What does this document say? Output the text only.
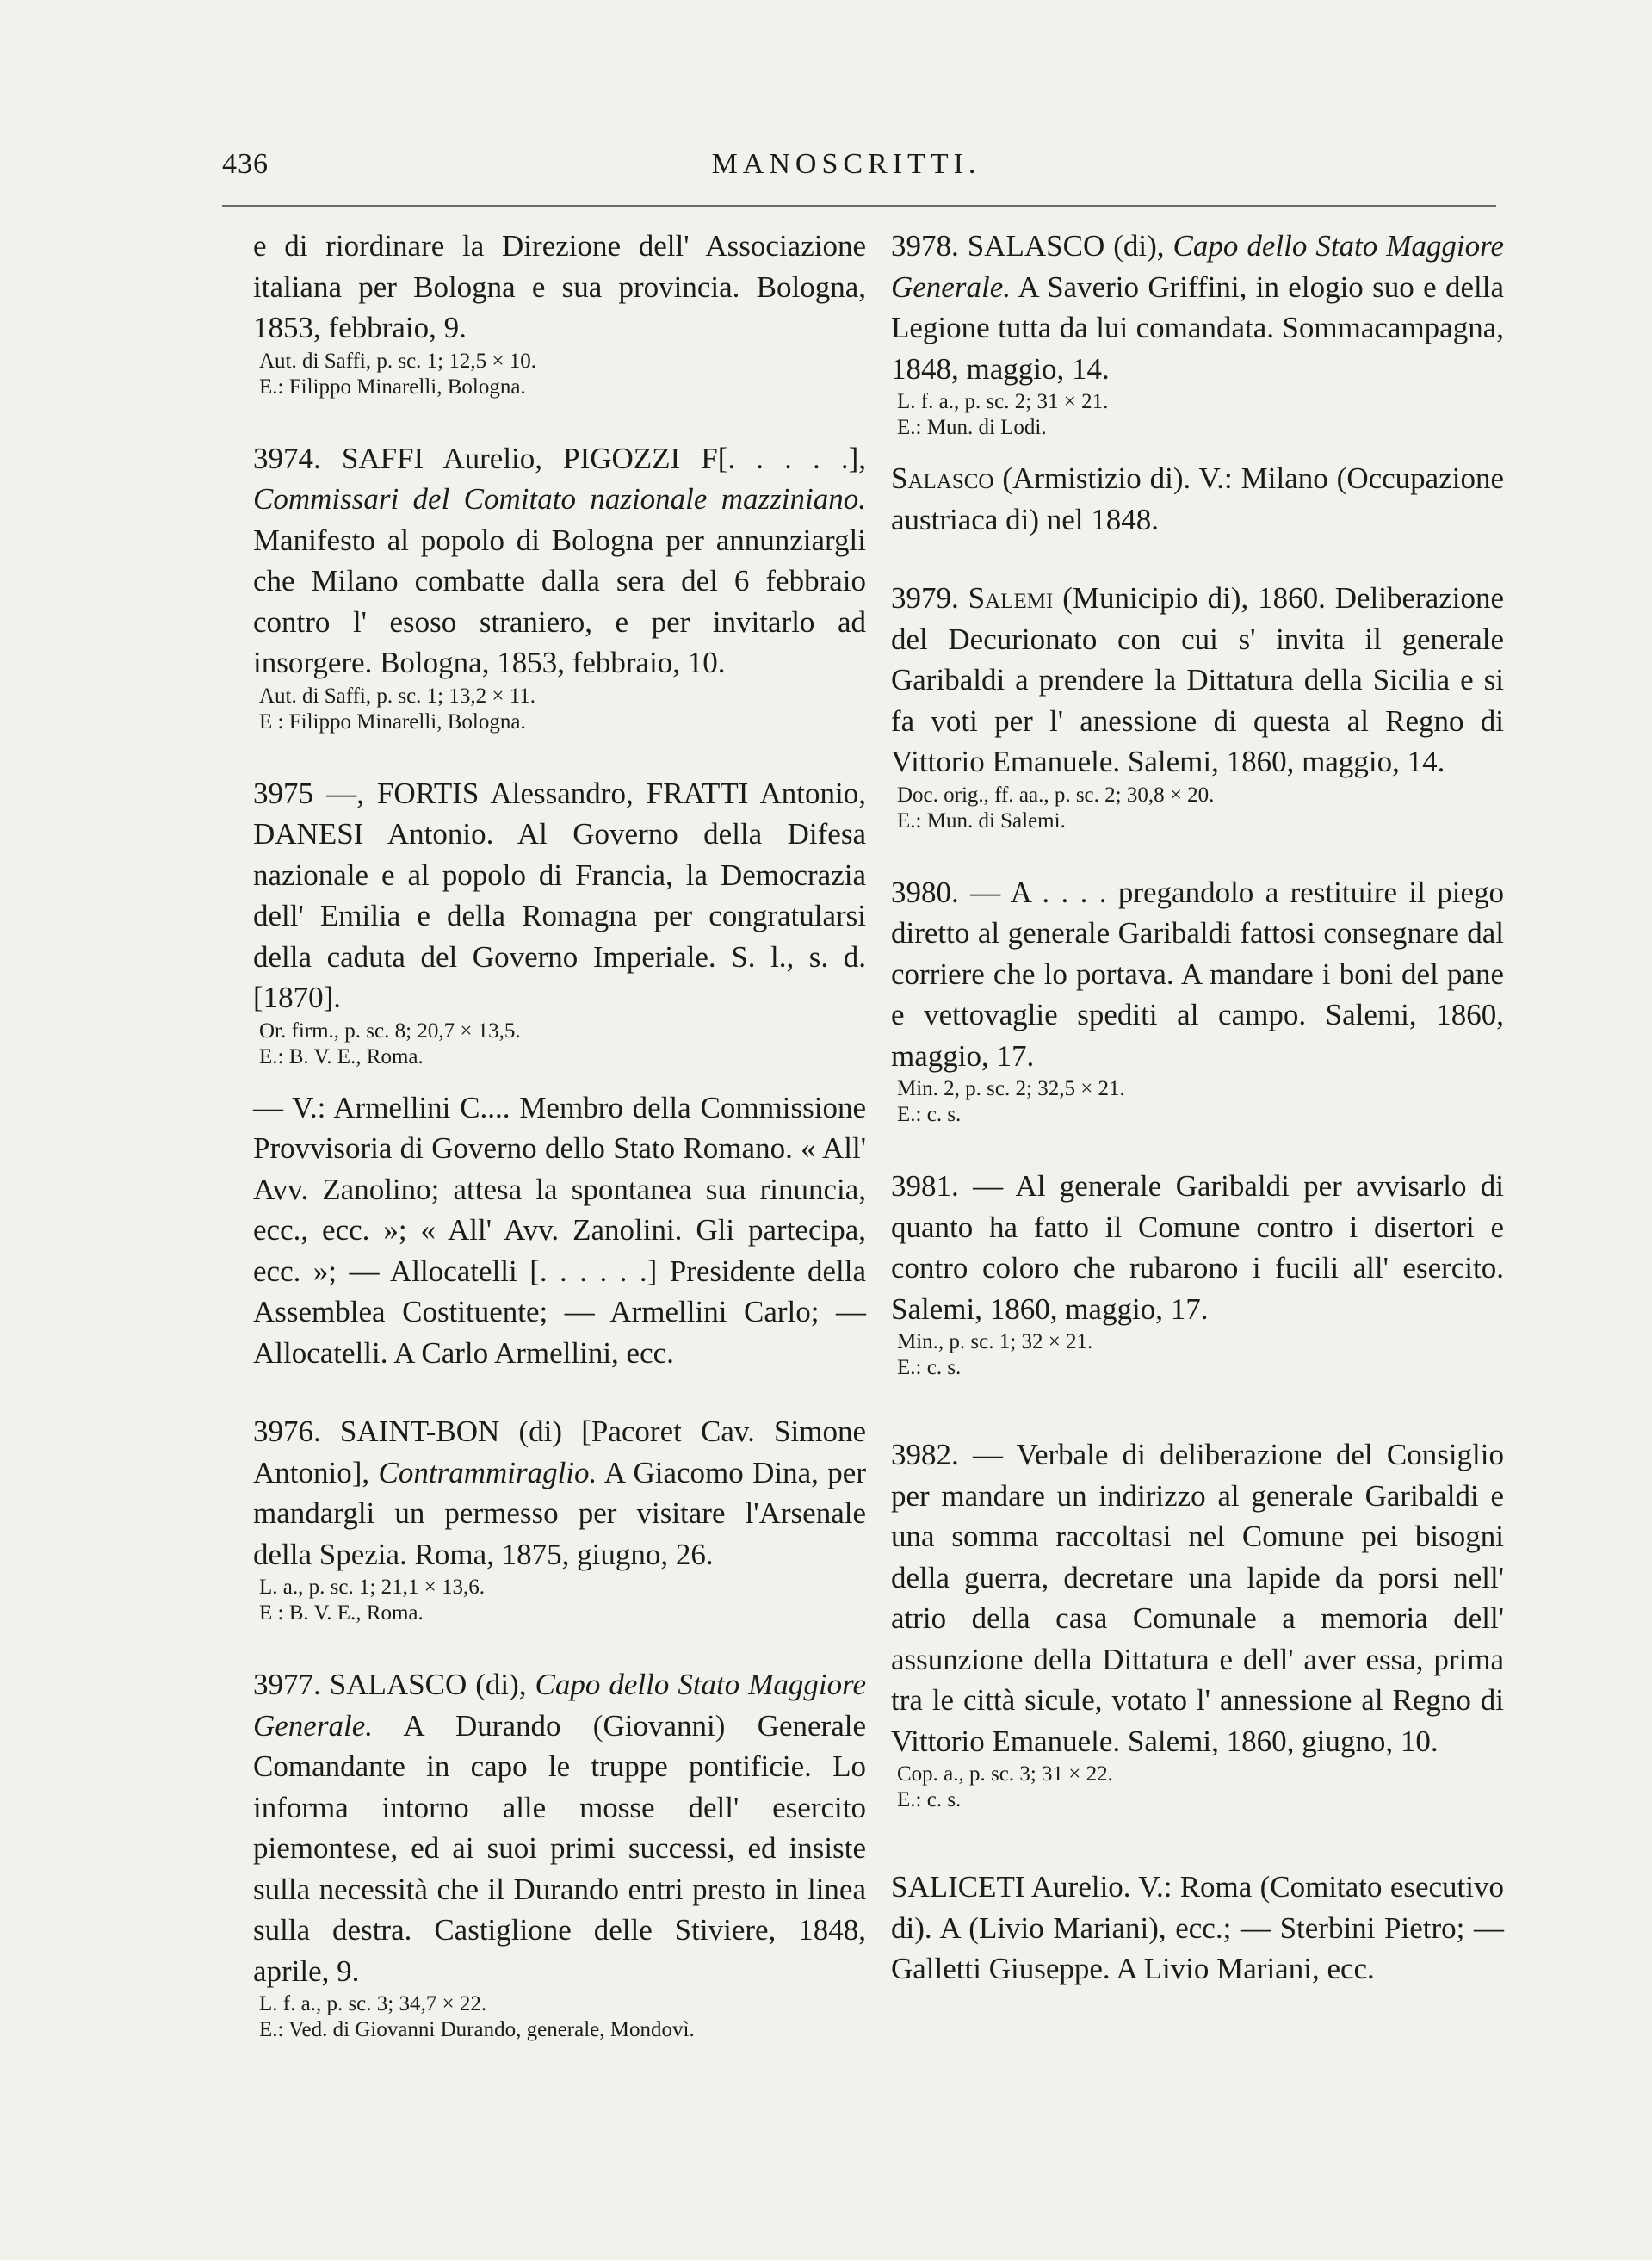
436	MANOSCRITTI.
e di riordinare la Direzione dell' Associazione italiana per Bologna e sua provincia. Bologna, 1853, febbraio, 9.
Aut. di Saffi, p. sc. 1; 12,5 × 10.
E.: Filippo Minarelli, Bologna.
3974. SAFFI Aurelio, PIGOZZI F[. . . . .], Commissari del Comitato nazionale mazziniano. Manifesto al popolo di Bologna per annunziargli che Milano combatte dalla sera del 6 febbraio contro l' esoso straniero, e per invitarlo ad insorgere. Bologna, 1853, febbraio, 10.
Aut. di Saffi, p. sc. 1; 13,2 × 11.
E : Filippo Minarelli, Bologna.
3975 —, FORTIS Alessandro, FRATTI Antonio, DANESI Antonio. Al Governo della Difesa nazionale e al popolo di Francia, la Democrazia dell' Emilia e della Romagna per congratularsi della caduta del Governo Imperiale. S. l., s. d. [1870].
Or. firm., p. sc. 8; 20,7 × 13,5.
E.: B. V. E., Roma.
— V.: Armellini C.... Membro della Commissione Provvisoria di Governo dello Stato Romano. « All' Avv. Zanolino; attesa la spontanea sua rinuncia, ecc., ecc. »; « All' Avv. Zanolini. Gli partecipa, ecc. »; — Allocatelli [. . . . . .] Presidente della Assemblea Costituente; — Armellini Carlo; — Allocatelli. A Carlo Armellini, ecc.
3976. SAINT-BON (di) [Pacoret Cav. Simone Antonio], Contrammiraglio. A Giacomo Dina, per mandargli un permesso per visitare l'Arsenale della Spezia. Roma, 1875, giugno, 26.
L. a., p. sc. 1; 21,1 × 13,6.
E : B. V. E., Roma.
3977. SALASCO (di), Capo dello Stato Maggiore Generale. A Durando (Giovanni) Generale Comandante in capo le truppe pontificie. Lo informa intorno alle mosse dell' esercito piemontese, ed ai suoi primi successi, ed insiste sulla necessità che il Durando entri presto in linea sulla destra. Castiglione delle Stiviere, 1848, aprile, 9.
L. f. a., p. sc. 3; 34,7 × 22.
E.: Ved. di Giovanni Durando, generale, Mondovì.
3978. SALASCO (di), Capo dello Stato Maggiore Generale. A Saverio Griffini, in elogio suo e della Legione tutta da lui comandata. Sommacampagna, 1848, maggio, 14.
L. f. a., p. sc. 2; 31 × 21.
E.: Mun. di Lodi.
Salasco (Armistizio di). V.: Milano (Occupazione austriaca di) nel 1848.
3979. Salemi (Municipio di), 1860. Deliberazione del Decurionato con cui s' invita il generale Garibaldi a prendere la Dittatura della Sicilia e si fa voti per l' anessione di questa al Regno di Vittorio Emanuele. Salemi, 1860, maggio, 14.
Doc. orig., ff. aa., p. sc. 2; 30,8 × 20.
E.: Mun. di Salemi.
3980. — A . . . . pregandolo a restituire il piego diretto al generale Garibaldi fattosi consegnare dal corriere che lo portava. A mandare i boni del pane e vettovaglie spediti al campo. Salemi, 1860, maggio, 17.
Min. 2, p. sc. 2; 32,5 × 21.
E.: c. s.
3981. — Al generale Garibaldi per avvisarlo di quanto ha fatto il Comune contro i disertori e contro coloro che rubarono i fucili all' esercito. Salemi, 1860, maggio, 17.
Min., p. sc. 1; 32 × 21.
E.: c. s.
3982. — Verbale di deliberazione del Consiglio per mandare un indirizzo al generale Garibaldi e una somma raccoltasi nel Comune pei bisogni della guerra, decretare una lapide da porsi nell' atrio della casa Comunale a memoria dell' assunzione della Dittatura e dell' aver essa, prima tra le città sicule, votato l' annessione al Regno di Vittorio Emanuele. Salemi, 1860, giugno, 10.
Cop. a., p. sc. 3; 31 × 22.
E.: c. s.
SALICETI Aurelio. V.: Roma (Comitato esecutivo di). A (Livio Mariani), ecc.; — Sterbini Pietro; — Galletti Giuseppe. A Livio Mariani, ecc.
